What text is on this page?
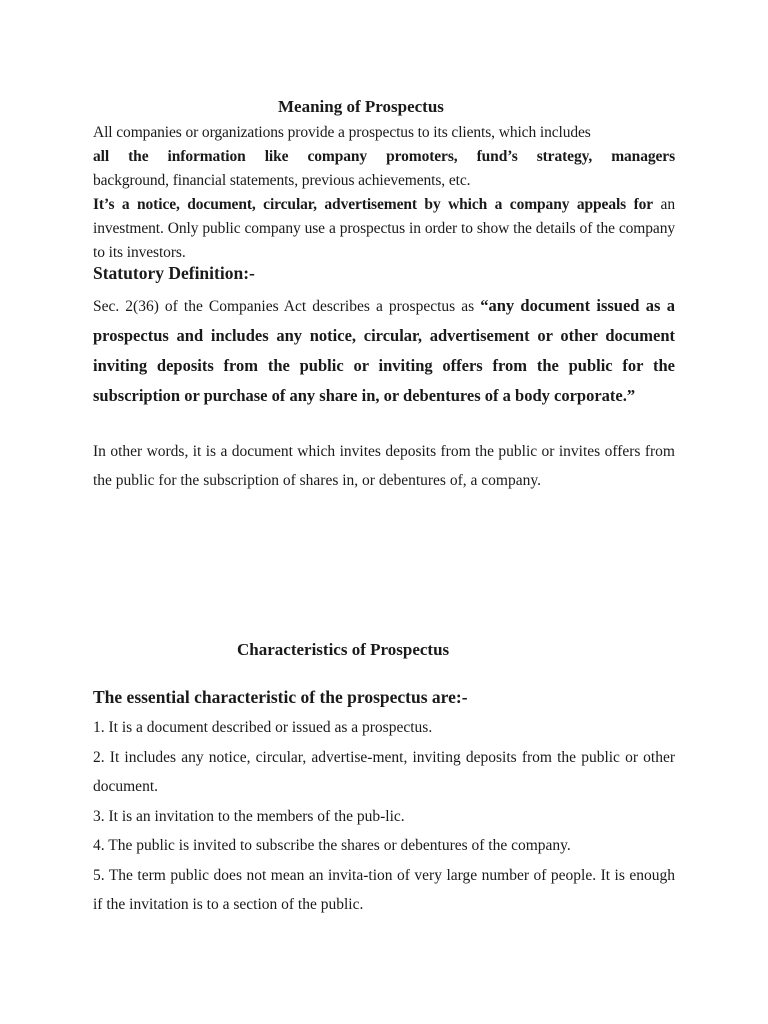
Meaning of Prospectus

All companies or organizations provide a prospectus to its clients, which includes
all the information like company promoters, fund’s strategy, managers
background, financial statements, previous achievements, etc.

It’s a notice, document, circular, advertisement by which a company appeals for an investment. Only public company use a prospectus in order to show the details of the company to its investors.

Statutory Definition:-

Sec. 2(36) of the Companies Act describes a prospectus as “any document issued as a prospectus and includes any notice, circular, advertisement or other document inviting deposits from the public or inviting offers from the public for the subscription or purchase of any share in, or debentures of a body corporate.”

In other words, it is a document which invites deposits from the public or invites offers from the public for the subscription of shares in, or debentures of, a company.

Characteristics of Prospectus
The essential characteristic of the prospectus are:-
1. It is a document described or issued as a prospectus.
2. It includes any notice, circular, advertise-ment, inviting deposits from the public or other document.
3. It is an invitation to the members of the pub-lic.
4. The public is invited to subscribe the shares or debentures of the company.
5. The term public does not mean an invita-tion of very large number of people. It is enough if the invitation is to a section of the public.
